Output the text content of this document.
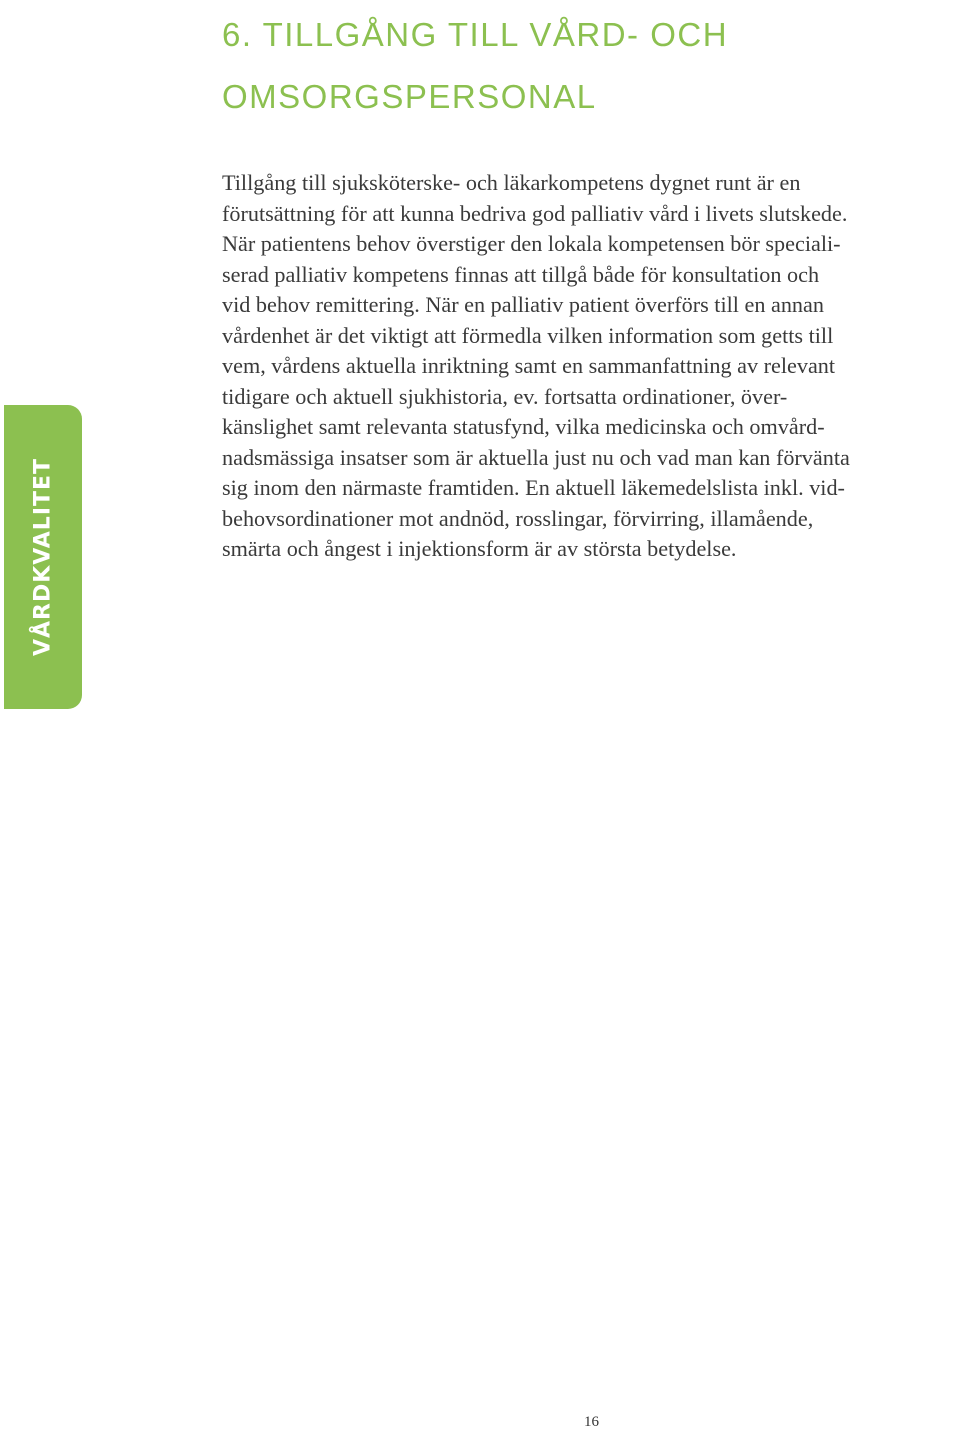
VÅRDKVALITET
6. TILLGÅNG TILL VÅRD- OCH
OMSORGSPERSONAL

Tillgång till sjuksköterske- och läkarkompetens dygnet runt är en
förutsättning för att kunna bedriva god palliativ vård i livets slutskede.
När patientens behov överstiger den lokala kompetensen bör speciali-
serad palliativ kompetens finnas att tillgå både för konsultation och
vid behov remittering. När en palliativ patient överförs till en annan
vårdenhet är det viktigt att förmedla vilken information som getts till
vem, vårdens aktuella inriktning samt en sammanfattning av relevant
tidigare och aktuell sjukhistoria, ev. fortsatta ordinationer, över-
känslighet samt relevanta statusfynd, vilka medicinska och omvård-
nadsmässiga insatser som är aktuella just nu och vad man kan förvänta
sig inom den närmaste framtiden. En aktuell läkemedelslista inkl. vid-
behovsordinationer mot andnöd, rosslingar, förvirring, illamående,
smärta och ångest i injektionsform är av största betydelse.

16
